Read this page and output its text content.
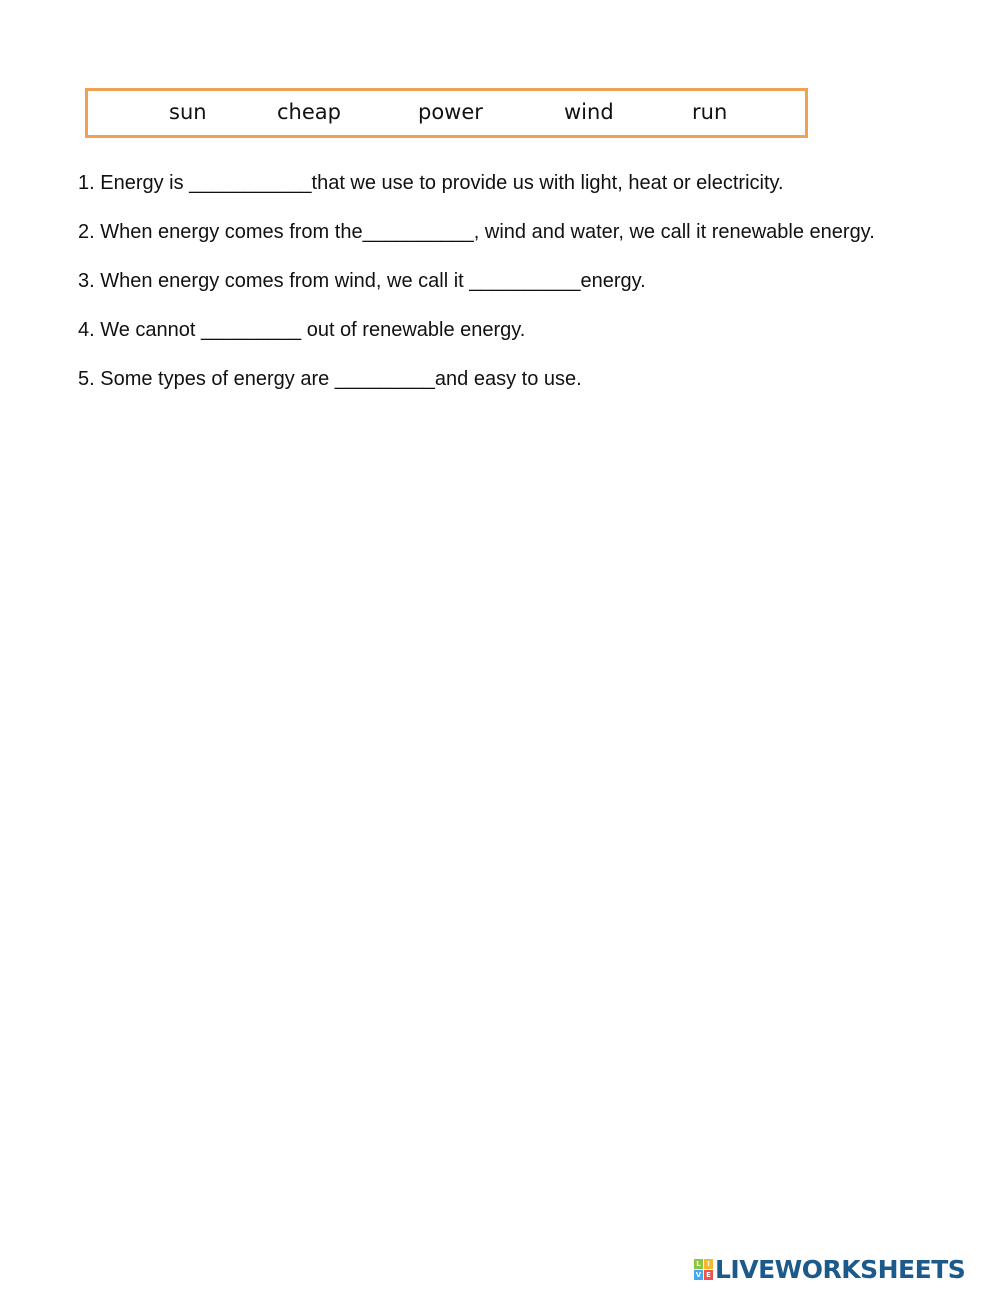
sun	cheap	power	wind	run
1. Energy is ___________that we use to provide us with light, heat or electricity.
2. When energy comes from the__________, wind and water, we call it renewable energy.
3. When energy comes from wind, we call it __________energy.
4. We cannot _________ out of renewable energy.
5. Some types of energy are _________and easy to use.
L I
V E LIVEWORKSHEETS
